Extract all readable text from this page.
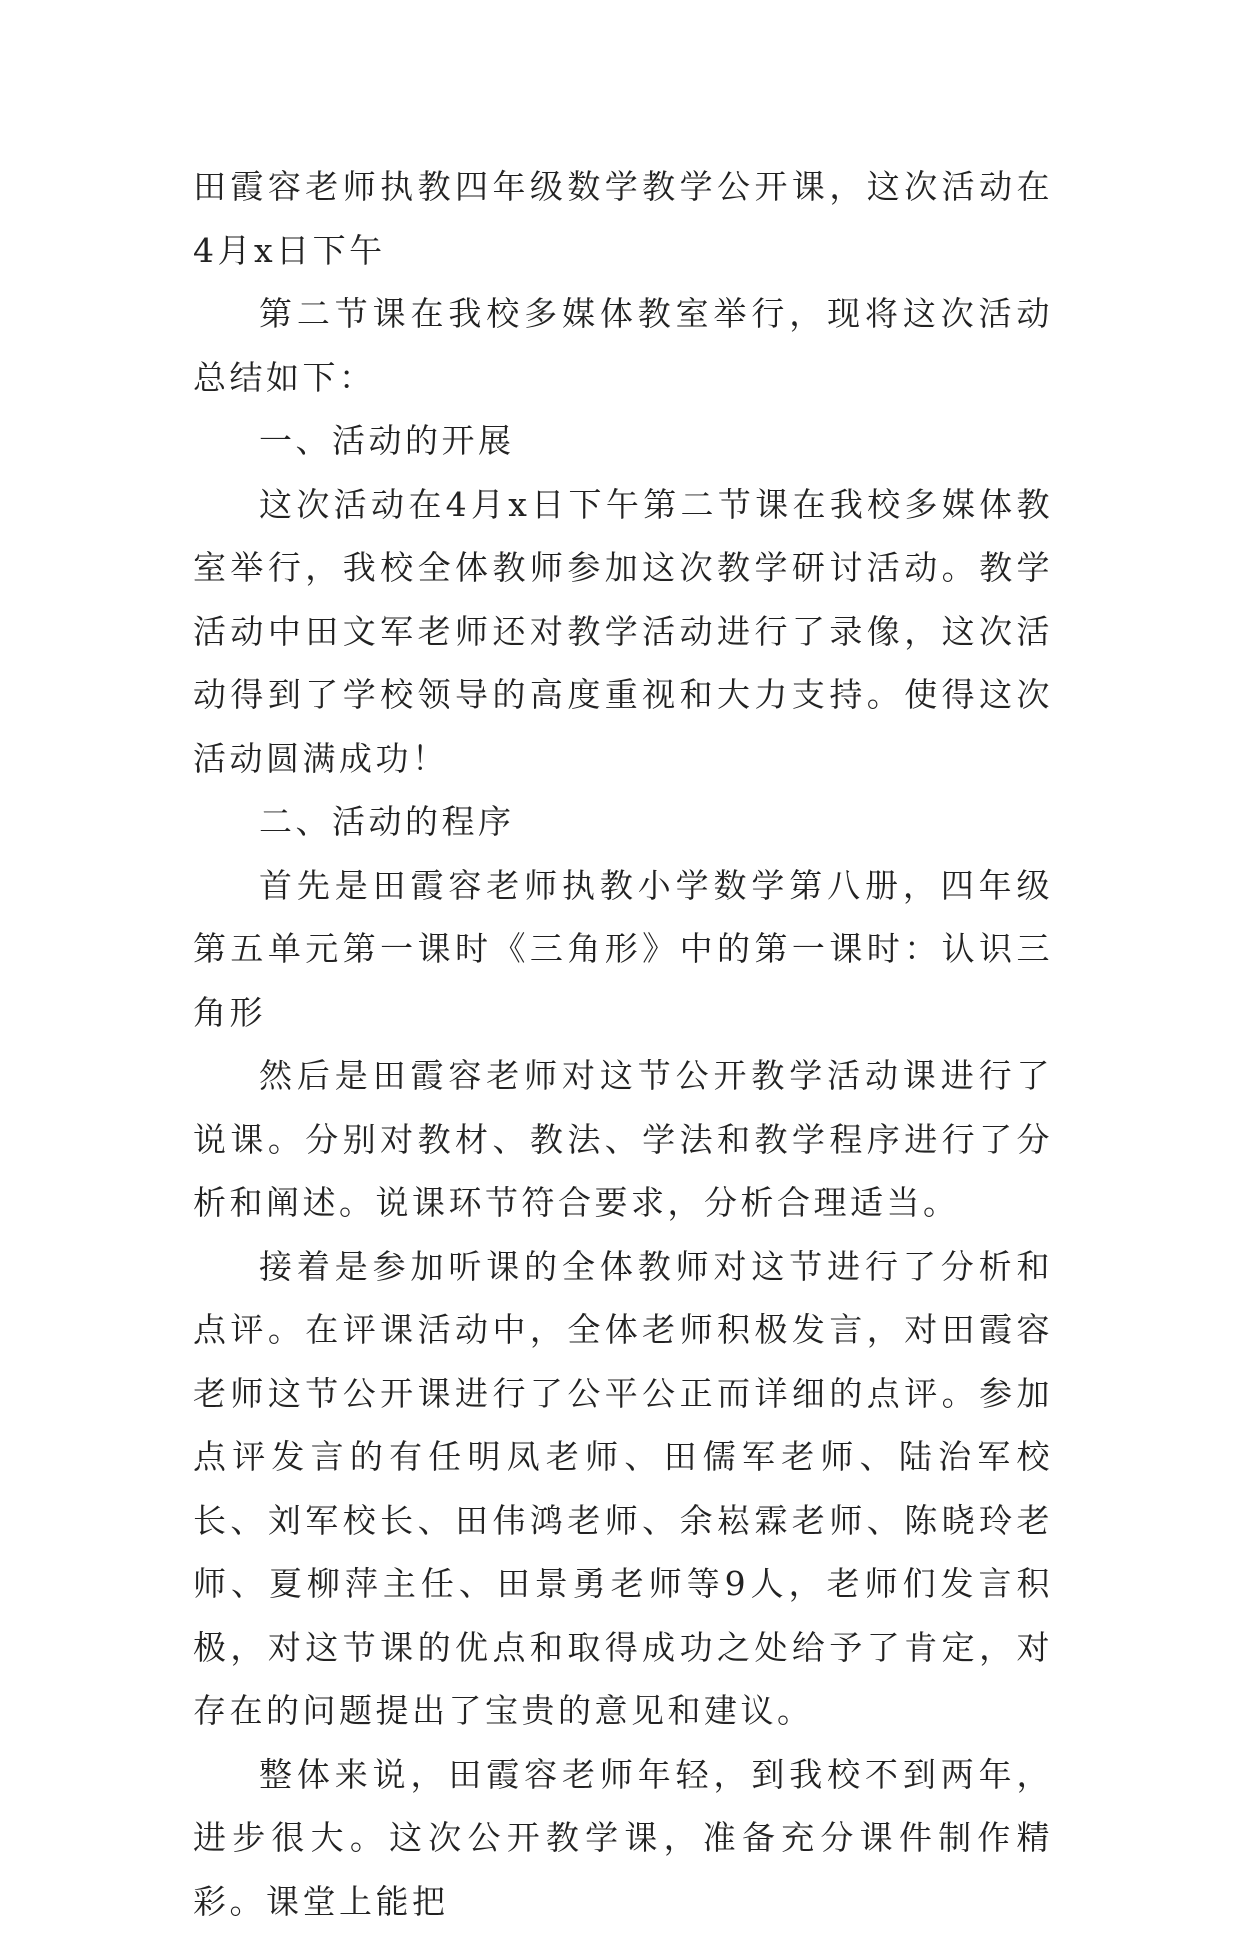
田霞容老师执教四年级数学教学公开课，这次活动在4月x日下午

第二节课在我校多媒体教室举行，现将这次活动总结如下：

一、活动的开展

这次活动在4月x日下午第二节课在我校多媒体教室举行，我校全体教师参加这次教学研讨活动。教学活动中田文军老师还对教学活动进行了录像，这次活动得到了学校领导的高度重视和大力支持。使得这次活动圆满成功！

二、活动的程序

首先是田霞容老师执教小学数学第八册，四年级第五单元第一课时《三角形》中的第一课时：认识三角形

然后是田霞容老师对这节公开教学活动课进行了说课。分别对教材、教法、学法和教学程序进行了分析和阐述。说课环节符合要求，分析合理适当。

接着是参加听课的全体教师对这节进行了分析和点评。在评课活动中，全体老师积极发言，对田霞容老师这节公开课进行了公平公正而详细的点评。参加点评发言的有任明凤老师、田儒军老师、陆治军校长、刘军校长、田伟鸿老师、余崧霖老师、陈晓玲老师、夏柳萍主任、田景勇老师等9人，老师们发言积极，对这节课的优点和取得成功之处给予了肯定，对存在的问题提出了宝贵的意见和建议。

整体来说，田霞容老师年轻，到我校不到两年，进步很大。这次公开教学课，准备充分课件制作精彩。课堂上能把
